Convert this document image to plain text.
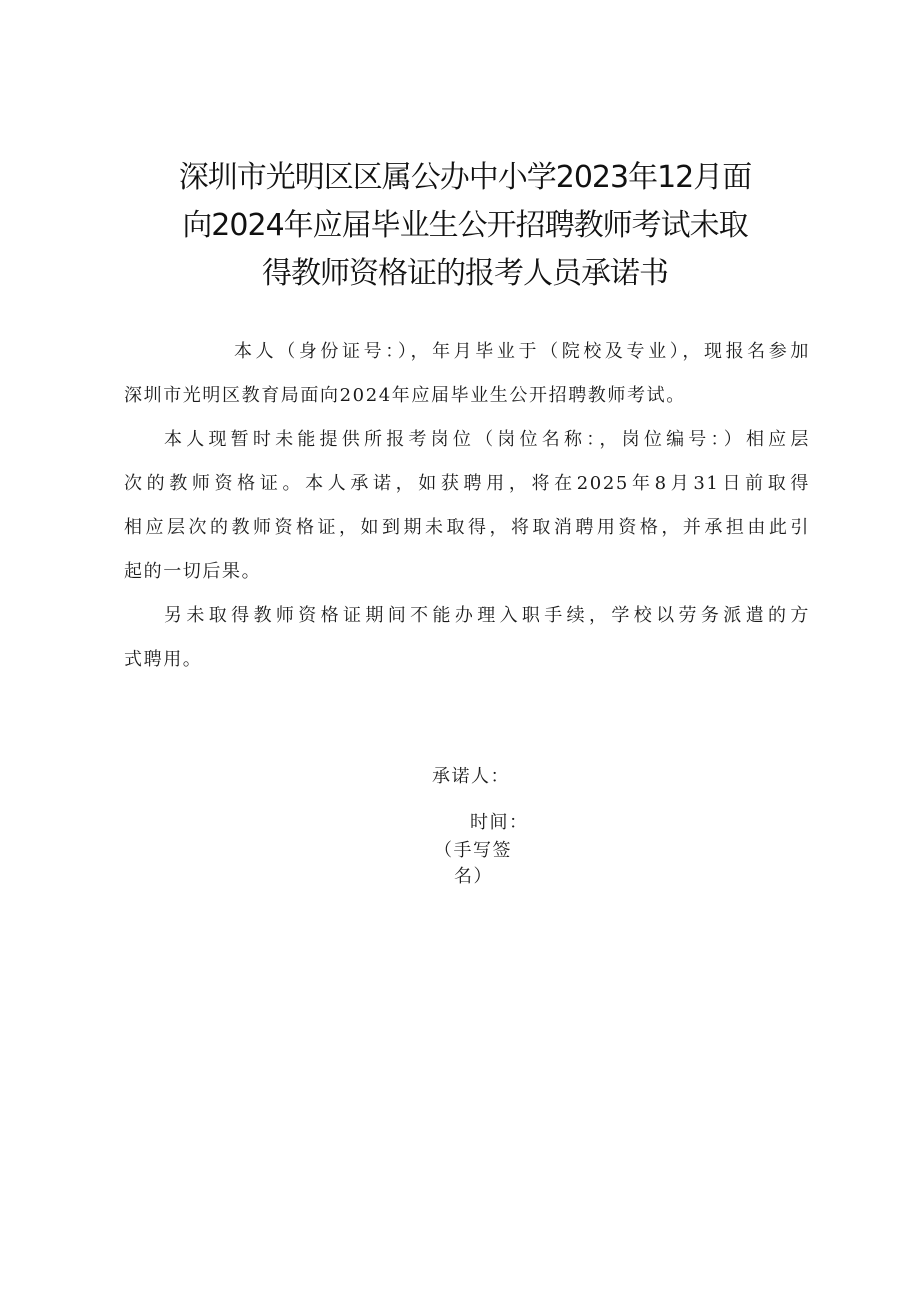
深圳市光明区区属公办中小学2023年12月面
向2024年应届毕业生公开招聘教师考试未取
得教师资格证的报考人员承诺书
本人（身份证号：），年月毕业于（院校及专业），现报名参加
深圳市光明区教育局面向2024年应届毕业生公开招聘教师考试。
本人现暂时未能提供所报考岗位（岗位名称：，岗位编号：）相应层
次的教师资格证。本人承诺，如获聘用，将在2025年8月31日前取得
相应层次的教师资格证，如到期未取得，将取消聘用资格，并承担由此引
起的一切后果。
另未取得教师资格证期间不能办理入职手续，学校以劳务派遣的方
式聘用。
承诺人：
时间：
（手写签
名）
